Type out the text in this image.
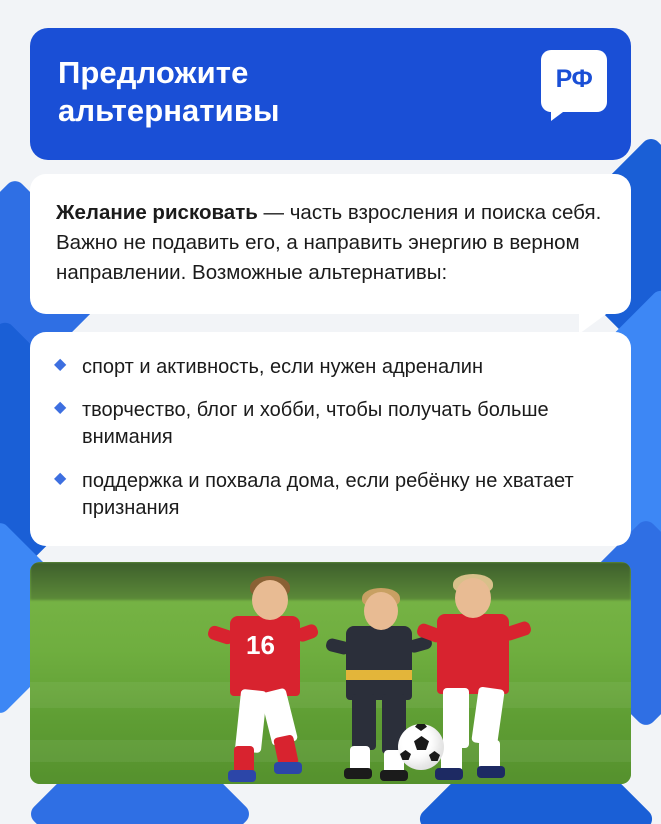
Предложите альтернативы
РФ
Желание рисковать — часть взросления и поиска себя. Важно не подавить его, а направить энергию в верном направлении. Возможные альтернативы:
◆ спорт и активность, если нужен адреналин
◆ творчество, блог и хобби, чтобы получать больше внимания
◆ поддержка и похвала дома, если ребёнку не хватает признания
16
